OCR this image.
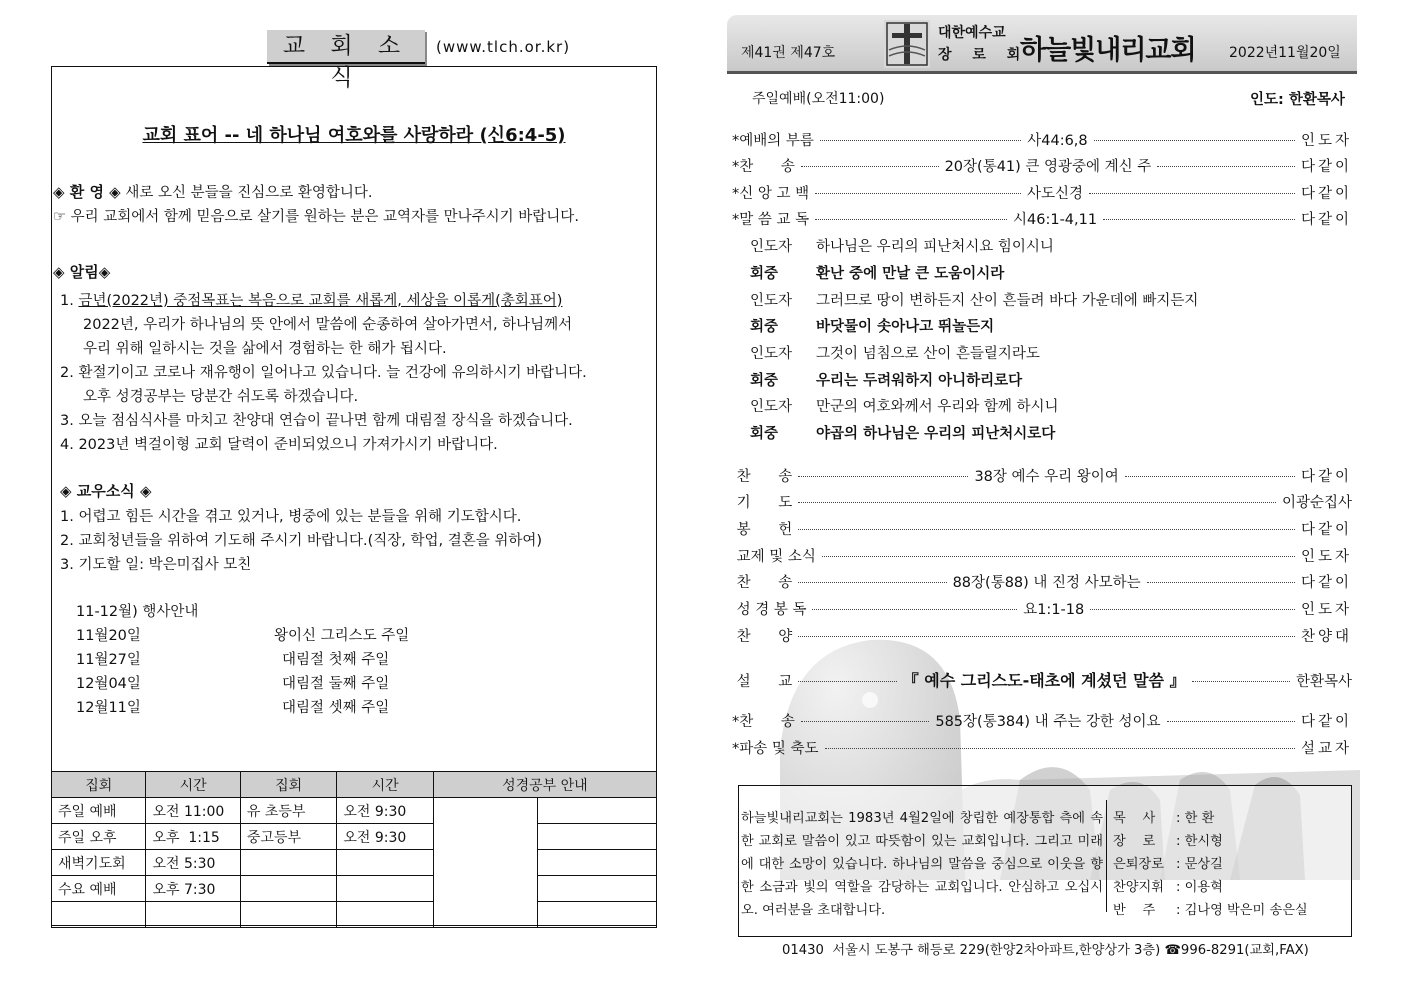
교 회 소 식
(www.tlch.or.kr)
교회 표어 -- 네 하나님 여호와를 사랑하라 (신6:4-5)
◈ 환 영 ◈ 새로 오신 분들을 진심으로 환영합니다.
☞ 우리 교회에서 함께 믿음으로 살기를 원하는 분은 교역자를 만나주시기 바랍니다.
◈ 알림◈
1. 금년(2022년) 중점목표는 복음으로 교회를 새롭게, 세상을 이롭게(총회표어)
2022년, 우리가 하나님의 뜻 안에서 말씀에 순종하여 살아가면서, 하나님께서
우리 위해 일하시는 것을 삶에서 경험하는 한 해가 됩시다.
2. 환절기이고 코로나 재유행이 일어나고 있습니다. 늘 건강에 유의하시기 바랍니다.
오후 성경공부는 당분간 쉬도록 하겠습니다.
3. 오늘 점심식사를 마치고 찬양대 연습이 끝나면 함께 대림절 장식을 하겠습니다.
4. 2023년 벽걸이형 교회 달력이 준비되었으니 가져가시기 바랍니다.
◈ 교우소식 ◈
1. 어렵고 힘든 시간을 겪고 있거나, 병중에 있는 분들을 위해 기도합시다.
2. 교회청년들을 위하여 기도해 주시기 바랍니다.(직장, 학업, 결혼을 위하여)
3. 기도할 일: 박은미집사 모친
11-12월) 행사안내
11월20일	왕이신 그리스도 주일
11월27일	대림절 첫째 주일
12월04일	대림절 둘째 주일
12월11일	대림절 셋째 주일
집회	시간	집회	시간	성경공부 안내	
주일 예배	오전 11:00	유 초등부	오전 9:30		
주일 오후	오후  1:15	중고등부	오전 9:30		
새벽기도회	오전 5:30				
수요 예배	오후 7:30				

제41권 제47호
대한예수교
장 로 회
하늘빛내리교회 2022년11월20일
주일예배(오전11:00)	인도: 한환목사
*예배의 부름	사44:6,8	인도자
*찬      송	20장(통41) 큰 영광중에 계신 주	다같이
*신 앙 고 백	사도신경	다같이
*말 씀 교 독	시46:1-4,11	다같이
인도자 하나님은 우리의 피난처시요 힘이시니
회중	환난 중에 만날 큰 도움이시라
인도자 그러므로 땅이 변하든지 산이 흔들려 바다 가운데에 빠지든지
회중	바닷물이 솟아나고 뛰놀든지
인도자 그것이 넘침으로 산이 흔들릴지라도
회중	우리는 두려워하지 아니하리로다
인도자 만군의 여호와께서 우리와 함께 하시니
회중	야곱의 하나님은 우리의 피난처시로다
찬      송	38장 예수 우리 왕이여	다같이
기      도	이광순집사
봉      헌	다같이
교제 및 소식	인도자
찬      송	88장(통88) 내 진정 사모하는	다같이
성 경 봉 독	요1:1-18	인도자
찬      양	찬양대
설      교	『 예수 그리스도-태초에 계셨던 말씀 』	한환목사
*찬      송	585장(통384) 내 주는 강한 성이요	다같이
*파송 및 축도	설교자
하늘빛내리교회는 1983년 4월2일에 창립한 예장통합 측에 속한 교회로 말씀이 있고 따뜻함이 있는 교회입니다. 그리고 미래에 대한 소망이 있습니다. 하나님의 말씀을 중심으로 이웃을 향한 소금과 빛의 역할을 감당하는 교회입니다. 안심하고 오십시오. 여러분을 초대합니다.
목    사 : 한 환
장    로 : 한시형
은퇴장로 : 문상길
찬양지휘 : 이용혁
반    주 : 김나영 박은미 송은실
01430  서울시 도봉구 해등로 229(한양2차아파트,한양상가 3층) ☎996-8291(교회,FAX)
